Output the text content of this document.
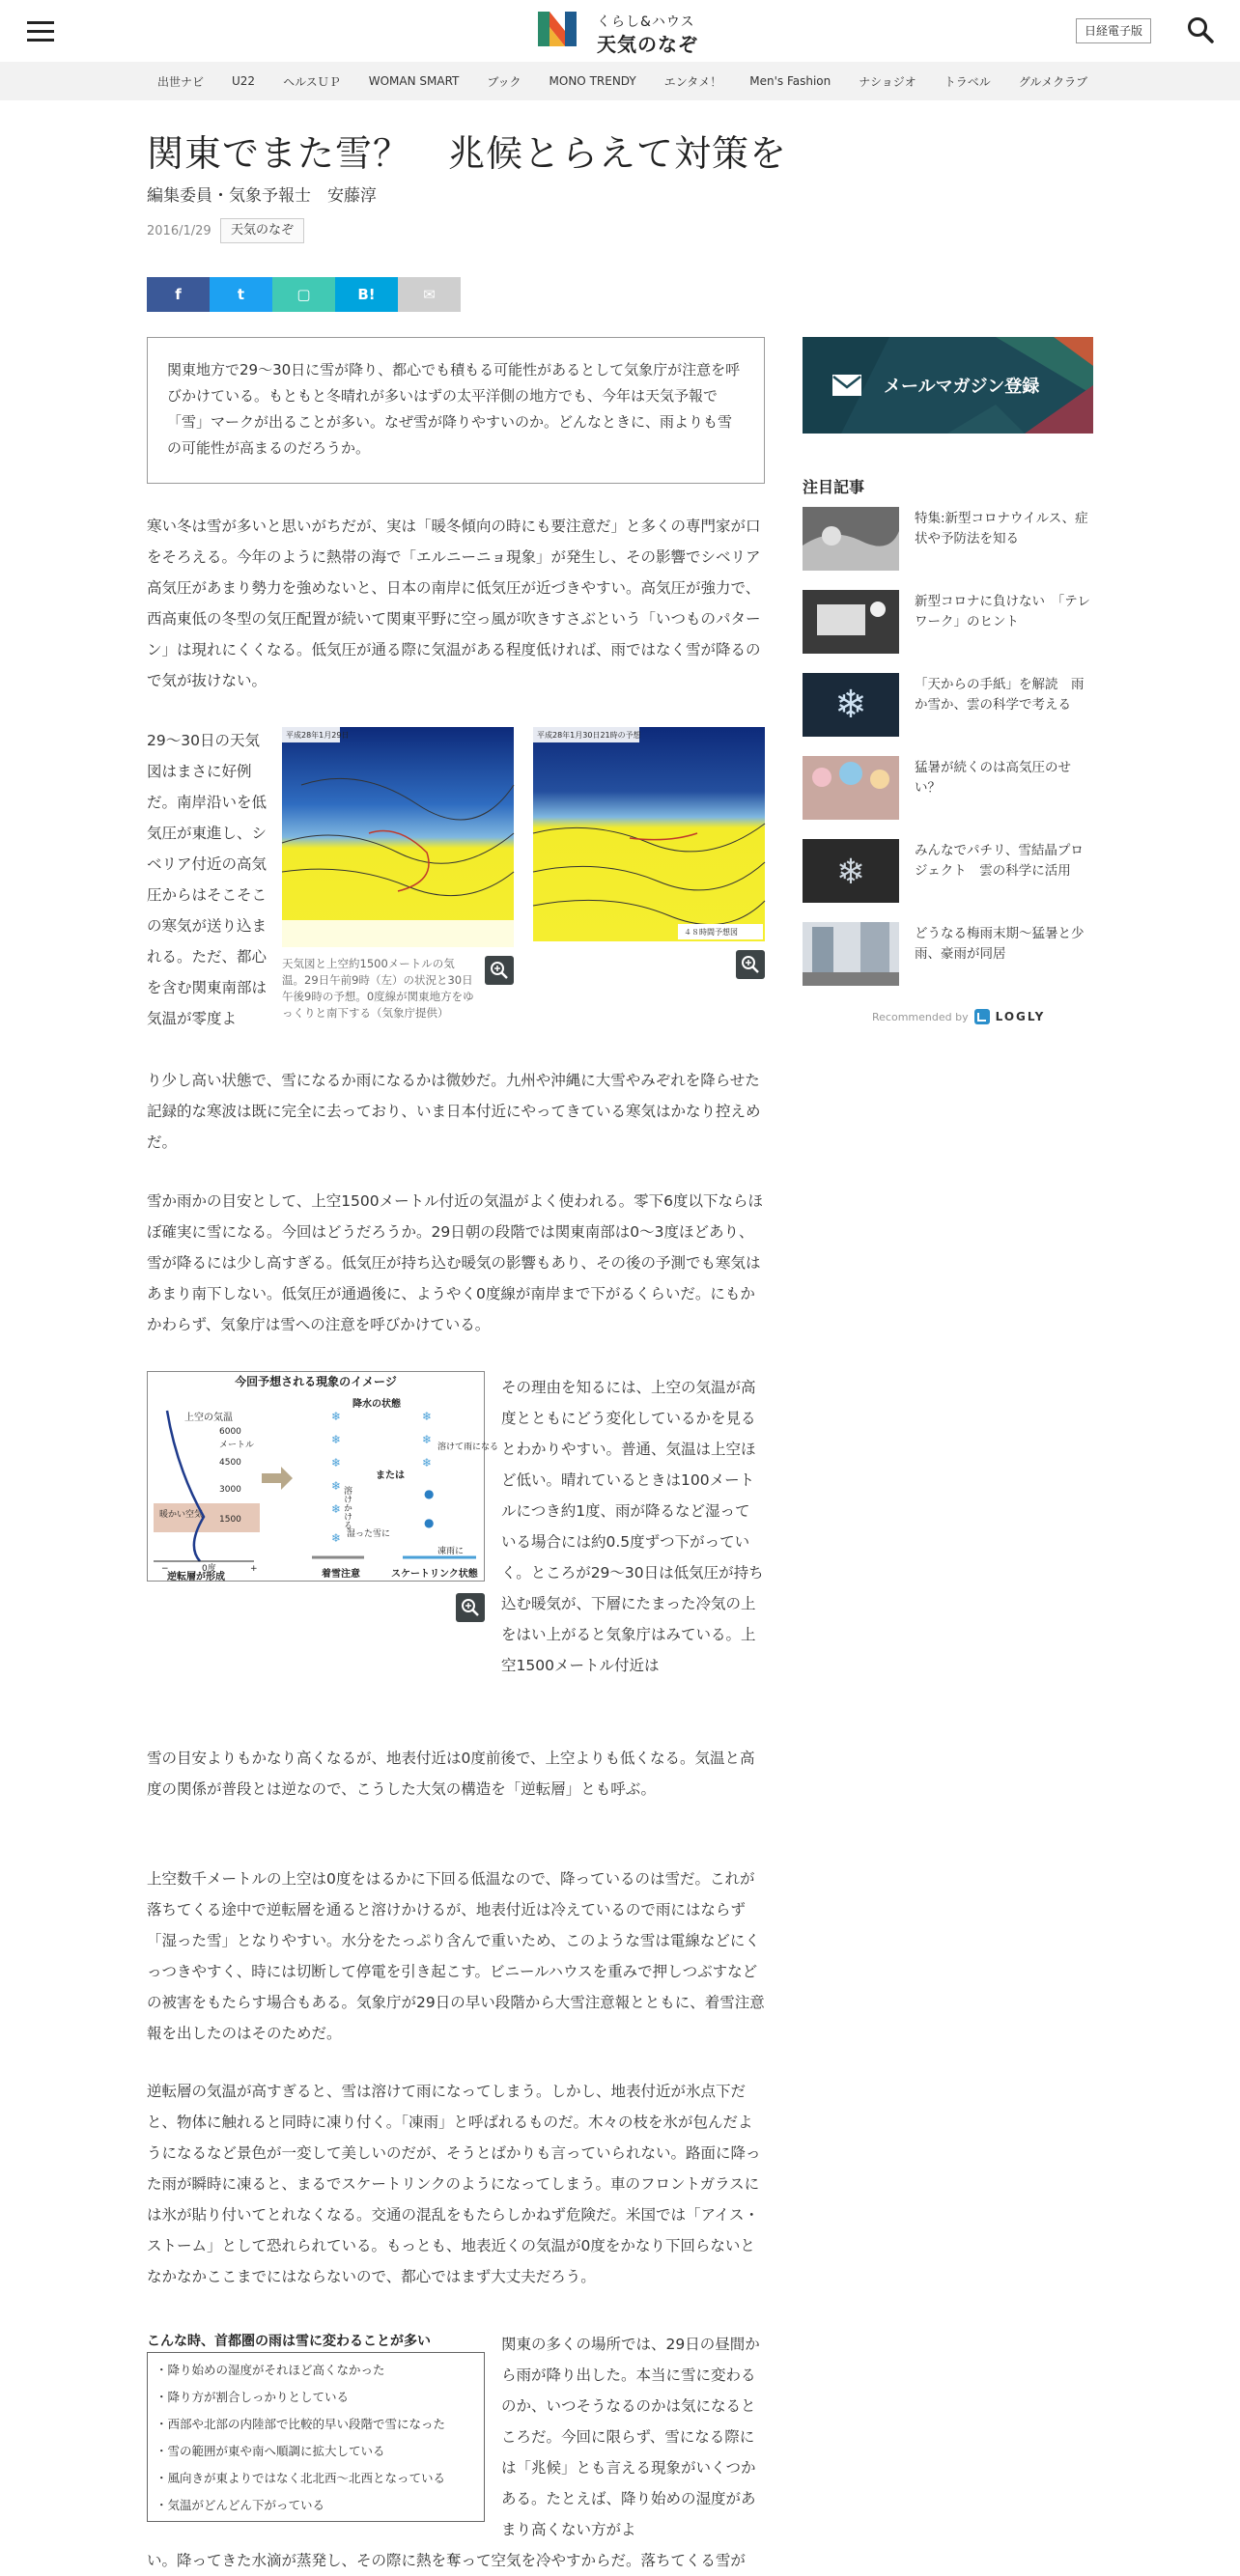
くらし&ハウス
天気のなぞ
日経電子版
出世ナビ U22 ヘルスＵＰ WOMAN SMART ブック MONO TRENDY エンタメ！ Men's Fashion ナショジオ トラベル グルメクラブ
関東でまた雪？　兆候とらえて対策を
編集委員・気象予報士　安藤淳
2016/1/29	天気のなぞ
f	t	▢	B!	✉
関東地方で29～30日に雪が降り、都心でも積もる可能性があるとして気象庁が注意を呼びかけている。もともと冬晴れが多いはずの太平洋側の地方でも、今年は天気予報で「雪」マークが出ることが多い。なぜ雪が降りやすいのか。どんなときに、雨よりも雪の可能性が高まるのだろうか。
寒い冬は雪が多いと思いがちだが、実は「暖冬傾向の時にも要注意だ」と多くの専門家が口をそろえる。今年のように熱帯の海で「エルニーニョ現象」が発生し、その影響でシベリア高気圧があまり勢力を強めないと、日本の南岸に低気圧が近づきやすい。高気圧が強力で、西高東低の冬型の気圧配置が続いて関東平野に空っ風が吹きすさぶという「いつものパターン」は現れにくくなる。低気圧が通る際に気温がある程度低ければ、雨ではなく雪が降るので気が抜けない。
29～30日の天気図はまさに好例だ。南岸沿いを低気圧が東進し、シベリア付近の高気圧からはそこそこの寒気が送り込まれる。ただ、都心を含む関東南部は気温が零度よ
平成28年1月29日
天気図と上空約1500メートルの気温。29日午前9時（左）の状況と30日午後9時の予想。0度線が関東地方をゆっくりと南下する（気象庁提供）
平成28年1月30日21時の予想
４８時間予想図
り少し高い状態で、雪になるか雨になるかは微妙だ。九州や沖縄に大雪やみぞれを降らせた記録的な寒波は既に完全に去っており、いま日本付近にやってきている寒気はかなり控えめだ。
雪か雨かの目安として、上空1500メートル付近の気温がよく使われる。零下6度以下ならほぼ確実に雪になる。今回はどうだろうか。29日朝の段階では関東南部は0～3度ほどあり、雪が降るには少し高すぎる。低気圧が持ち込む暖気の影響もあり、その後の予測でも寒気はあまり南下しない。低気圧が通過後に、ようやく0度線が南岸まで下がるくらいだ。にもかかわらず、気象庁は雪への注意を呼びかけている。
今回予想される現象のイメージ
上空の気温
6000
メートル
4500
3000
暖かい空気 1500
−	0度	+
逆転層が形成
降水の状態
❄
❄
❄
❄
❄
❄
溶けかける
湿った雪に
または
❄
❄
❄
●
●
溶けて雨になる
凍雨に
着雪注意	スケートリンク状態
その理由を知るには、上空の気温が高度とともにどう変化しているかを見るとわかりやすい。普通、気温は上空ほど低い。晴れているときは100メートルにつき約1度、雨が降るなど湿っている場合には約0.5度ずつ下がっていく。ところが29～30日は低気圧が持ち込む暖気が、下層にたまった冷気の上をはい上がると気象庁はみている。上空1500メートル付近は
雪の目安よりもかなり高くなるが、地表付近は0度前後で、上空よりも低くなる。気温と高度の関係が普段とは逆なので、こうした大気の構造を「逆転層」とも呼ぶ。
上空数千メートルの上空は0度をはるかに下回る低温なので、降っているのは雪だ。これが落ちてくる途中で逆転層を通ると溶けかけるが、地表付近は冷えているので雨にはならず「湿った雪」となりやすい。水分をたっぷり含んで重いため、このような雪は電線などにくっつきやすく、時には切断して停電を引き起こす。ビニールハウスを重みで押しつぶすなどの被害をもたらす場合もある。気象庁が29日の早い段階から大雪注意報とともに、着雪注意報を出したのはそのためだ。
逆転層の気温が高すぎると、雪は溶けて雨になってしまう。しかし、地表付近が氷点下だと、物体に触れると同時に凍り付く。「凍雨」と呼ばれるものだ。木々の枝を氷が包んだようになるなど景色が一変して美しいのだが、そうとばかりも言っていられない。路面に降った雨が瞬時に凍ると、まるでスケートリンクのようになってしまう。車のフロントガラスには氷が貼り付いてとれなくなる。交通の混乱をもたらしかねず危険だ。米国では「アイス・ストーム」として恐れられている。もっとも、地表近くの気温が0度をかなり下回らないとなかなかここまでにはならないので、都心ではまず大丈夫だろう。
こんな時、首都圏の雨は雪に変わることが多い
・降り始めの湿度がそれほど高くなかった
・降り方が割合しっかりとしている
・西部や北部の内陸部で比較的早い段階で雪になった
・雪の範囲が東や南へ順調に拡大している
・風向きが東よりではなく北北西～北西となっている
・気温がどんどん下がっている
関東の多くの場所では、29日の昼間から雨が降り出した。本当に雪に変わるのか、いつそうなるのかは気になるところだ。今回に限らず、雪になる際には「兆候」とも言える現象がいくつかある。たとえば、降り始めの湿度があまり高くない方がよ
い。降ってきた水滴が蒸発し、その際に熱を奪って空気を冷やすからだ。落ちてくる雪が
メールマガジン登録
注目記事
特集:新型コロナウイルス、症状や予防法を知る
新型コロナに負けない　「テレワーク」のヒント
❄	「天からの手紙」を解読　雨か雪か、雲の科学で考える
猛暑が続くのは高気圧のせい？
❄
みんなでパチリ、雪結晶プロジェクト　雲の科学に活用
どうなる梅雨末期～猛暑と少雨、豪雨が同居
Recommended by LOGLY
